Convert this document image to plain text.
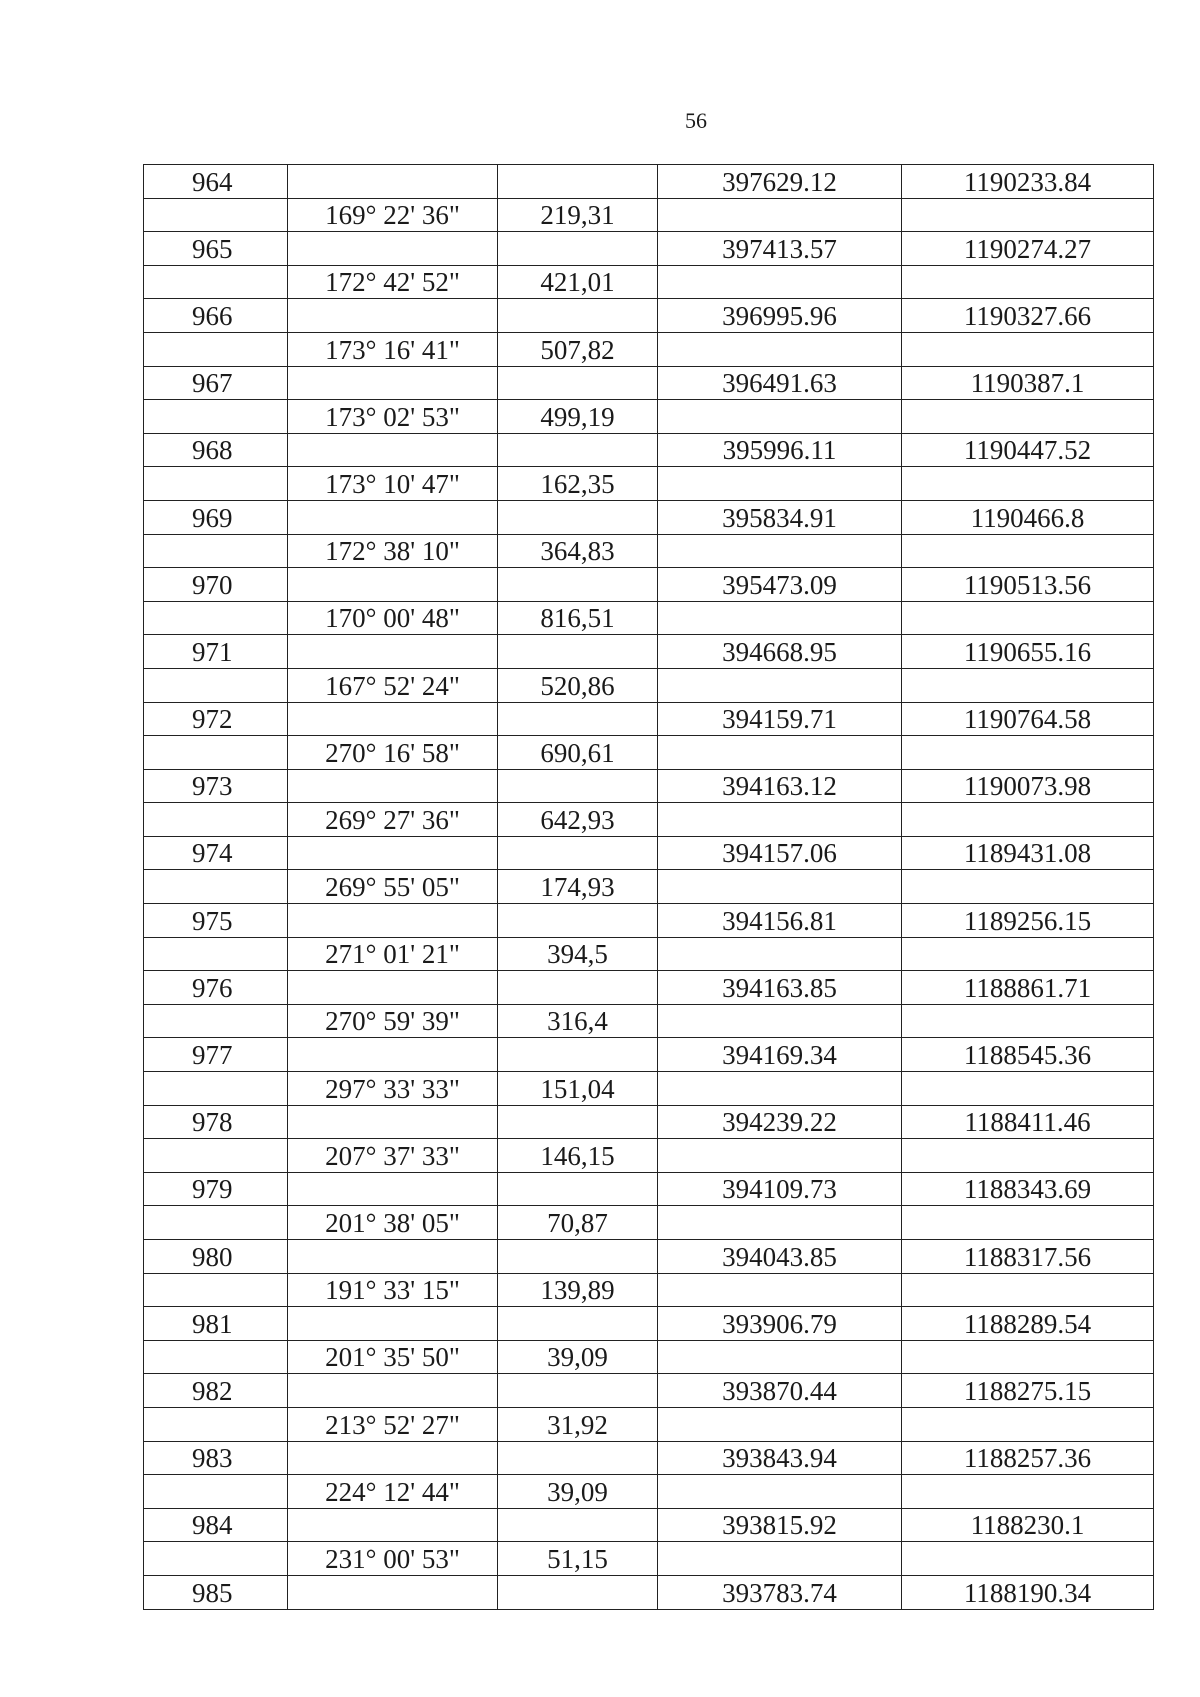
56
964			397629.12	1190233.84
	169° 22' 36"	219,31		
965			397413.57	1190274.27
	172° 42' 52"	421,01		
966			396995.96	1190327.66
	173° 16' 41"	507,82		
967			396491.63	1190387.1
	173° 02' 53"	499,19		
968			395996.11	1190447.52
	173° 10' 47"	162,35		
969			395834.91	1190466.8
	172° 38' 10"	364,83		
970			395473.09	1190513.56
	170° 00' 48"	816,51		
971			394668.95	1190655.16
	167° 52' 24"	520,86		
972			394159.71	1190764.58
	270° 16' 58"	690,61		
973			394163.12	1190073.98
	269° 27' 36"	642,93		
974			394157.06	1189431.08
	269° 55' 05"	174,93		
975			394156.81	1189256.15
	271° 01' 21"	394,5		
976			394163.85	1188861.71
	270° 59' 39"	316,4		
977			394169.34	1188545.36
	297° 33' 33"	151,04		
978			394239.22	1188411.46
	207° 37' 33"	146,15		
979			394109.73	1188343.69
	201° 38' 05"	70,87		
980			394043.85	1188317.56
	191° 33' 15"	139,89		
981			393906.79	1188289.54
	201° 35' 50"	39,09		
982			393870.44	1188275.15
	213° 52' 27"	31,92		
983			393843.94	1188257.36
	224° 12' 44"	39,09		
984			393815.92	1188230.1
	231° 00' 53"	51,15		
985			393783.74	1188190.34
